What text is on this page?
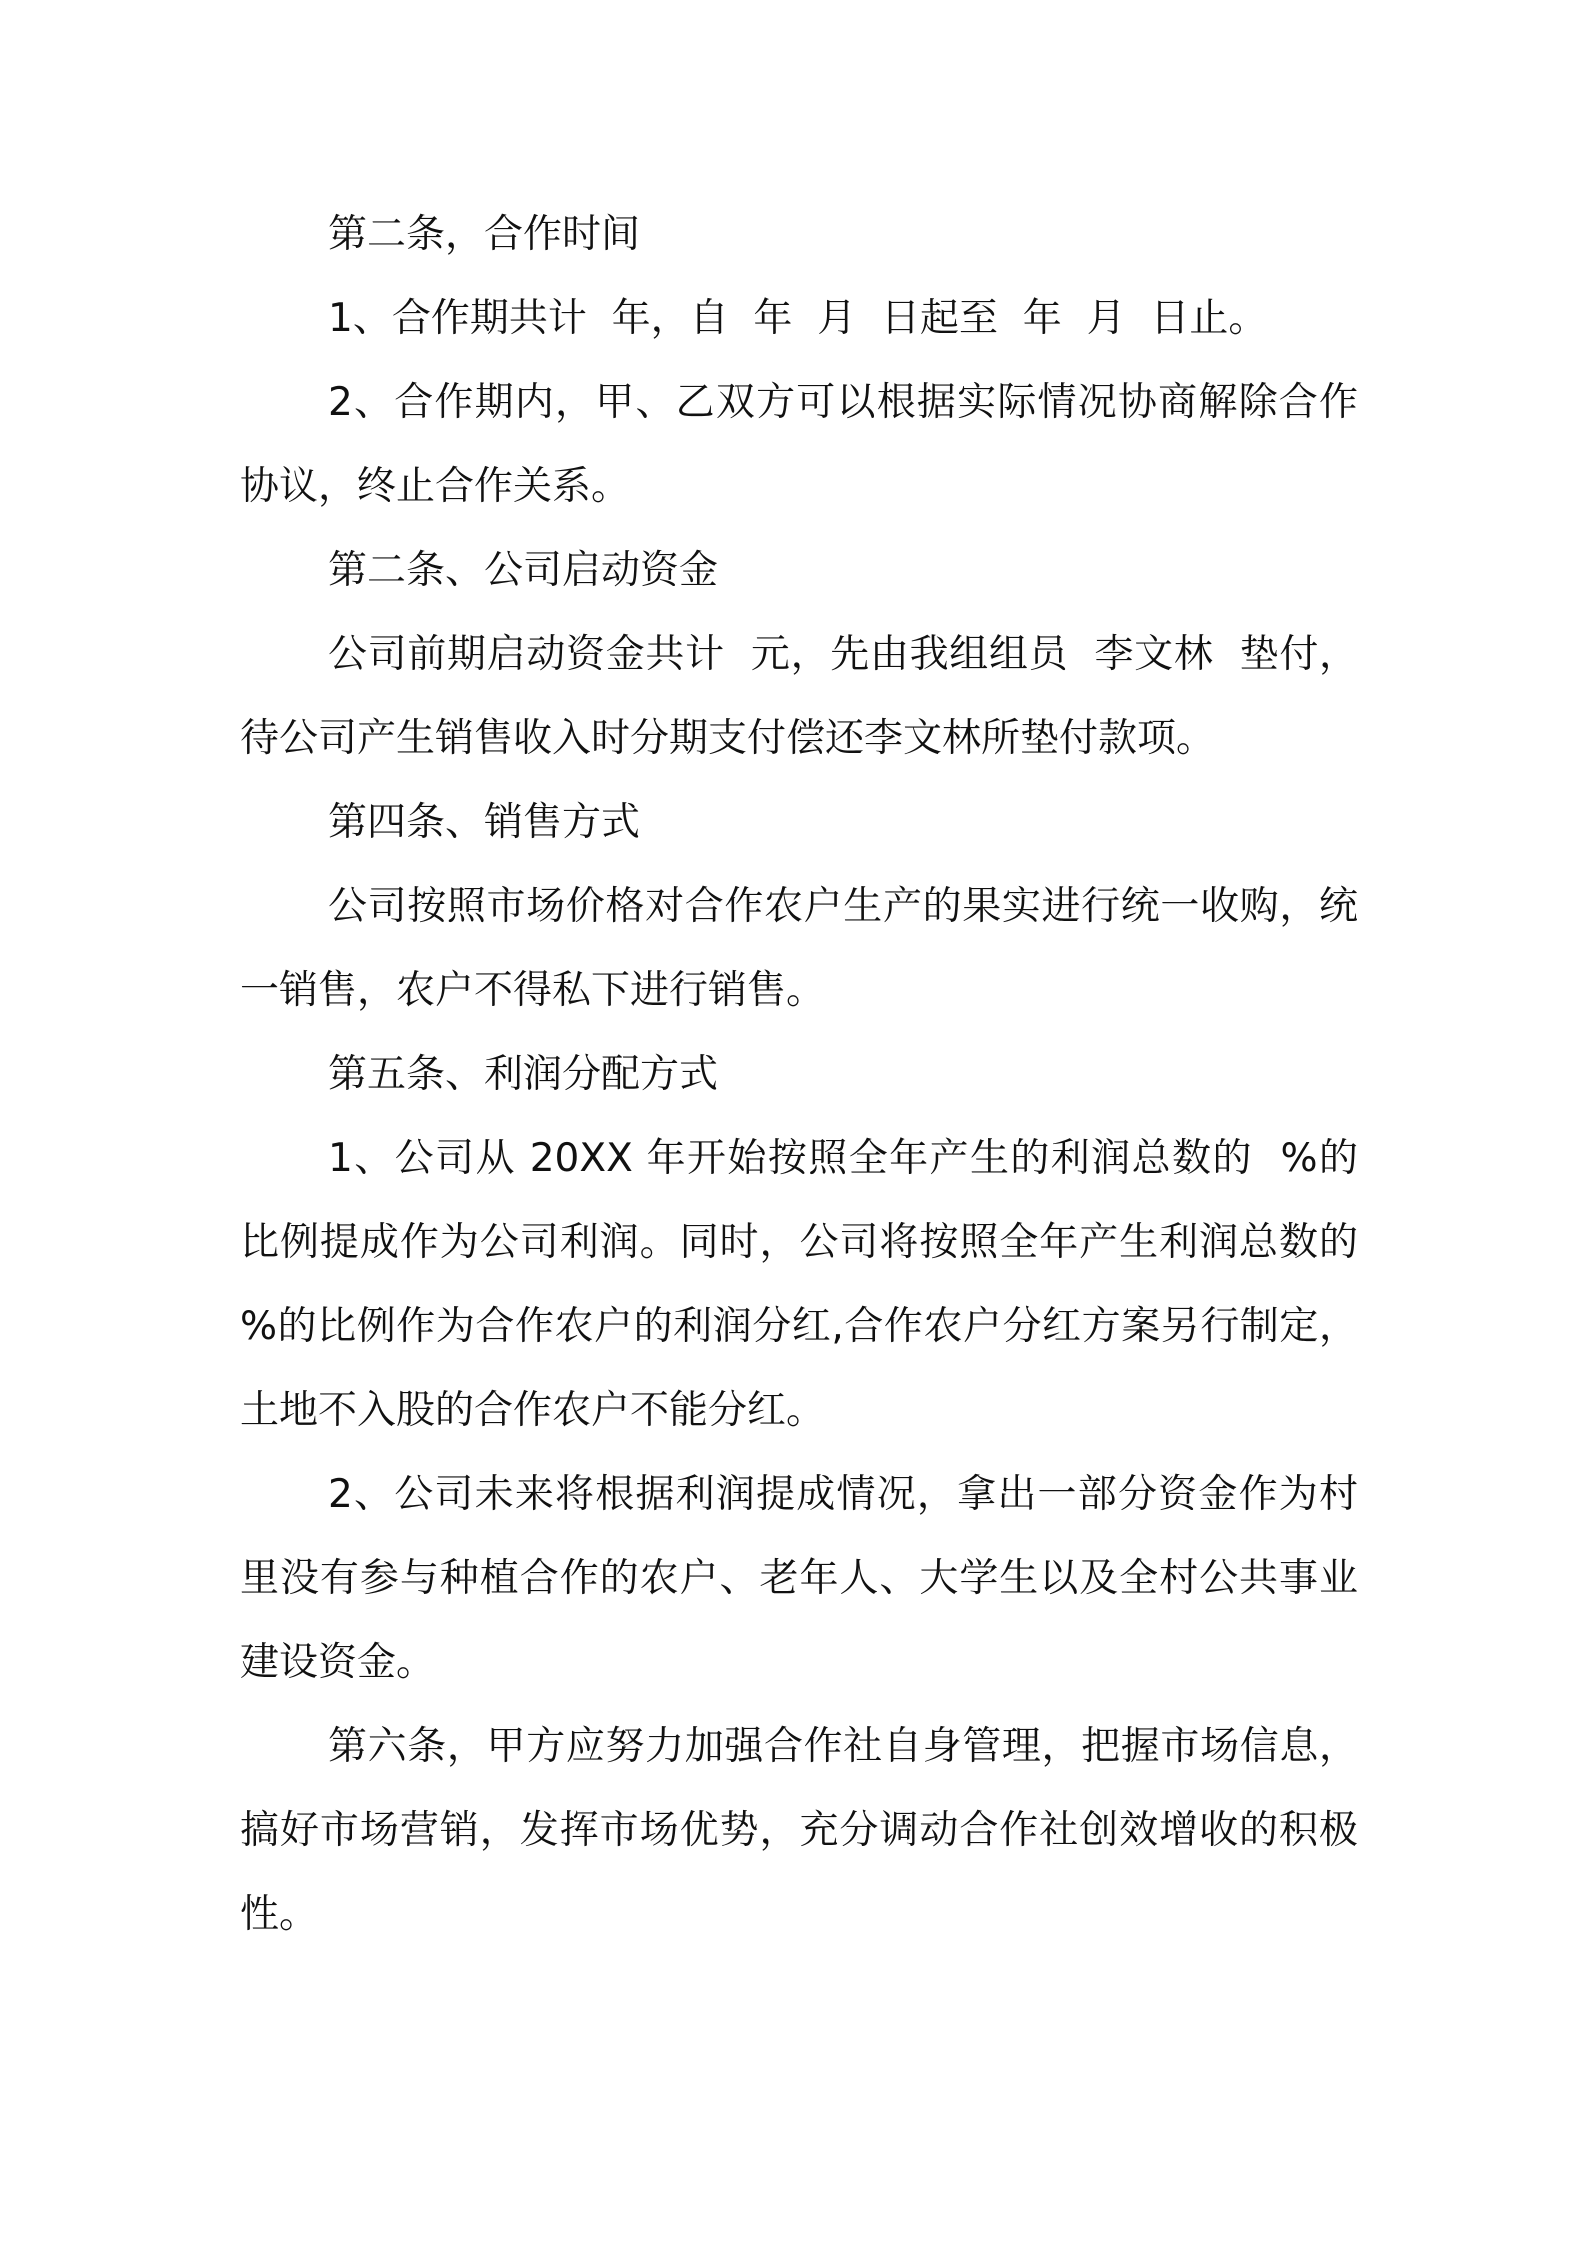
第二条，合作时间

1、合作期共计  年，自  年  月  日起至  年  月  日止。

2、合作期内，甲、乙双方可以根据实际情况协商解除合作协议，终止合作关系。

第二条、公司启动资金

公司前期启动资金共计  元，先由我组组员  李文林  垫付，待公司产生销售收入时分期支付偿还李文林所垫付款项。

第四条、销售方式

公司按照市场价格对合作农户生产的果实进行统一收购，统一销售，农户不得私下进行销售。

第五条、利润分配方式

1、公司从 20XX 年开始按照全年产生的利润总数的  %的比例提成作为公司利润。同时，公司将按照全年产生利润总数的  %的比例作为合作农户的利润分红,合作农户分红方案另行制定，土地不入股的合作农户不能分红。

2、公司未来将根据利润提成情况，拿出一部分资金作为村里没有参与种植合作的农户、老年人、大学生以及全村公共事业建设资金。

第六条，甲方应努力加强合作社自身管理，把握市场信息，搞好市场营销，发挥市场优势，充分调动合作社创效增收的积极性。
